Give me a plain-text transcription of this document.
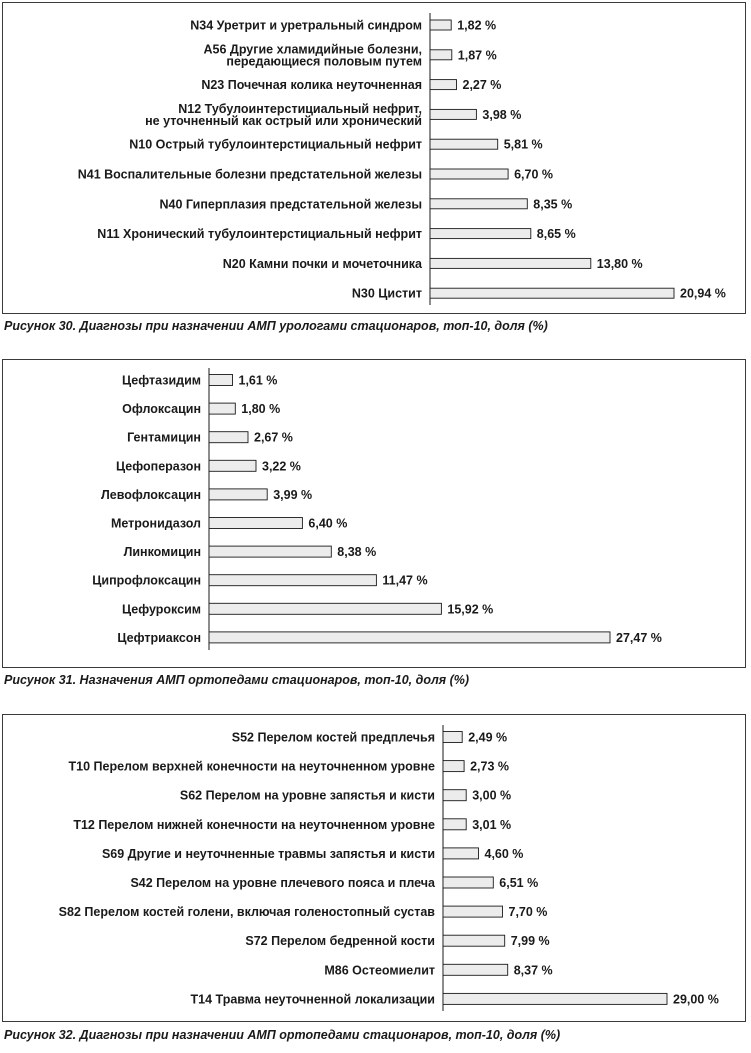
1,82 %
N34 Уретрит и уретральный синдром
1,87 %
A56 Другие хламидийные болезни, передающиеся половым путем
2,27 %
N23 Почечная колика неуточненная
3,98 %
N12 Тубулоинтерстициальный нефрит, не уточненный как острый или хронический
5,81 %
N10 Острый тубулоинтерстициальный нефрит
6,70 %
N41 Воспалительные болезни предстательной железы
8,35 %
N40 Гиперплазия предстательной железы
8,65 %
N11 Хронический тубулоинтерстициальный нефрит
13,80 %
N20 Камни почки и мочеточника
20,94 %
N30 Цистит
Рисунок 30. Диагнозы при назначении АМП урологами стационаров, топ-10, доля (%)
1,61 %
Цефтазидим
1,80 %
Офлоксацин
2,67 %
Гентамицин
3,22 %
Цефоперазон
3,99 %
Левофлоксацин
6,40 %
Метронидазол
8,38 %
Линкомицин
11,47 %
Ципрофлоксацин
15,92 %
Цефуроксим
27,47 %
Цефтриаксон
Рисунок 31. Назначения АМП ортопедами стационаров, топ-10, доля (%)
2,49 %
S52 Перелом костей предплечья
2,73 %
T10 Перелом верхней конечности на неуточненном уровне
3,00 %
S62 Перелом на уровне запястья и кисти
3,01 %
T12 Перелом нижней конечности на неуточненном уровне
4,60 %
S69 Другие и неуточненные травмы запястья и кисти
6,51 %
S42 Перелом на уровне плечевого пояса и плеча
7,70 %
S82 Перелом костей голени, включая голеностопный сустав
7,99 %
S72 Перелом бедренной кости
8,37 %
M86 Остеомиелит
29,00 %
T14 Травма неуточненной локализации
Рисунок 32. Диагнозы при назначении АМП ортопедами стационаров, топ-10, доля (%)
